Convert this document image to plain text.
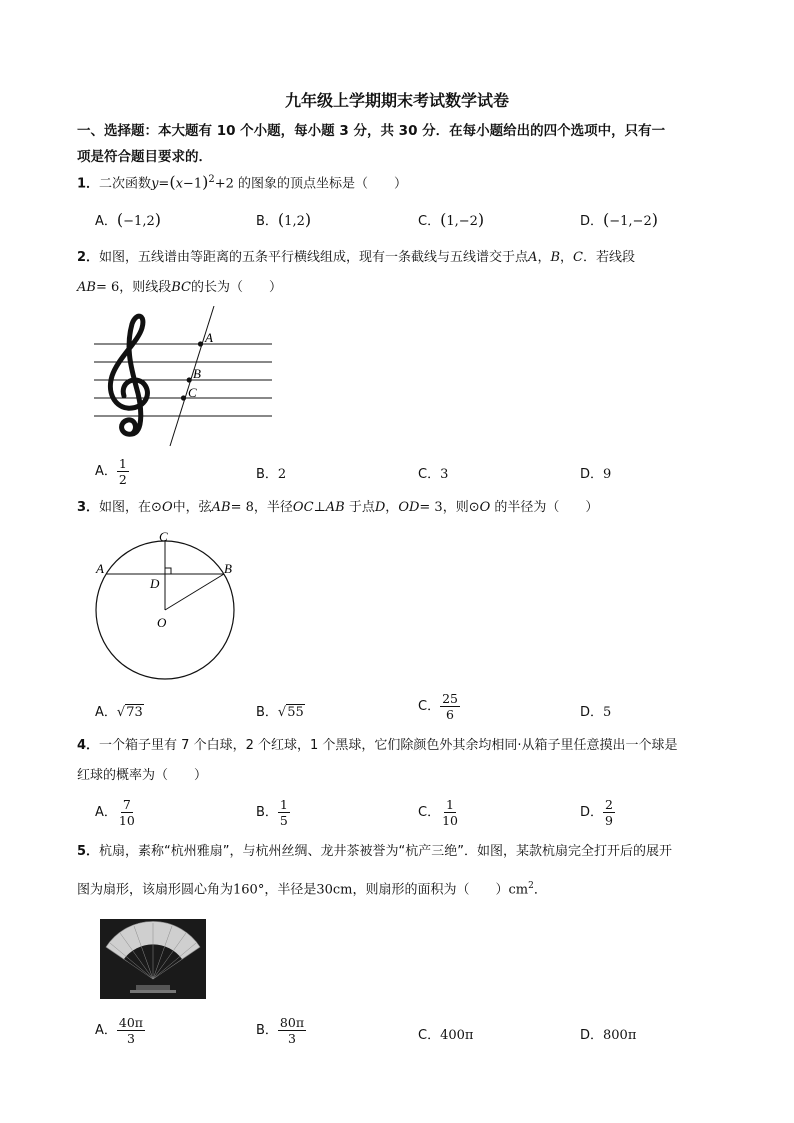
九年级上学期期末考试数学试卷
一、选择题：本大题有 10 个小题，每小题 3 分，共 30 分．在每小题给出的四个选项中，只有一
项是符合题目要求的．
1．二次函数$y=(x-1)^2+2$ 的图象的顶点坐标是（　　）
A．(−1,2)	B．(1,2)	C．(1,−2)	D．(−1,−2)
2．如图，五线谱由等距离的五条平行横线组成，现有一条截线与五线谱交于点A，B，C．若线段
AB= 6，则线段BC的长为（　　）
A
B
C
A． $\frac{1}{2}$	B．2	C．3	D．9
3．如图，在⊙O中，弦AB= 8，半径OC⊥AB 于点D，OD= 3，则⊙O 的半径为（　　）
C
A	B
D
O
A．√73	B．√55	C． $\frac{25}{6}$	D．5
4．一个箱子里有 7 个白球，2 个红球，1 个黑球，它们除颜色外其余均相同·从箱子里任意摸出一个球是
红球的概率为（　　）
A． $\frac{7}{10}$	B． $\frac{1}{5}$	C． $\frac{1}{10}$	D． $\frac{2}{9}$
5．杭扇，素称“杭州雅扇”，与杭州丝绸、龙井茶被誉为“杭产三绝”．如图，某款杭扇完全打开后的展开
图为扇形，该扇形圆心角为160°，半径是30cm，则扇形的面积为（　　）$cm^2$．
A． $\frac{40\pi}{3}$	B． $\frac{80\pi}{3}$	C．400π	D．800π
